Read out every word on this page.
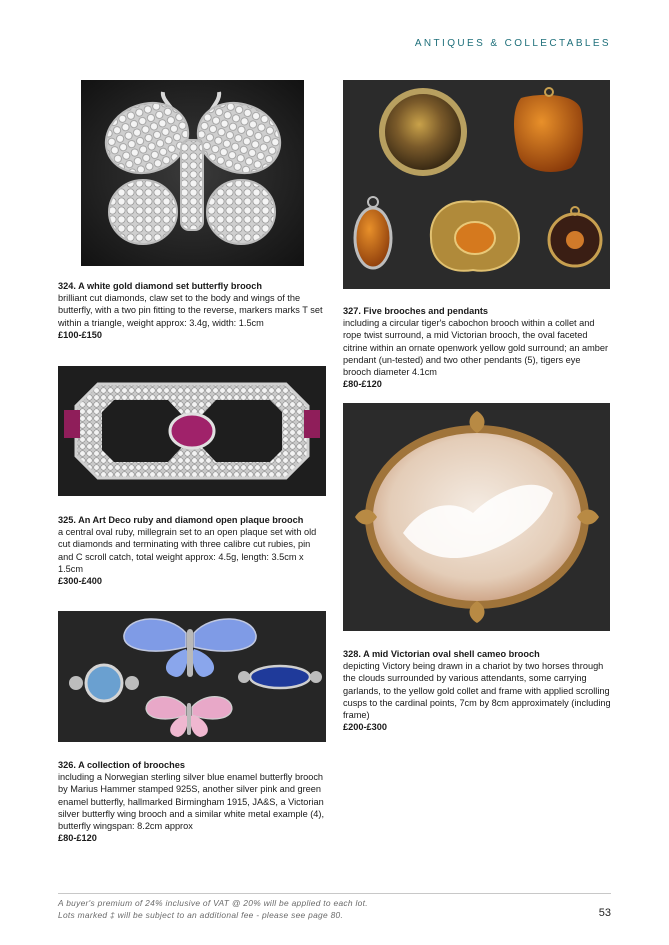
ANTIQUES & COLLECTABLES
324. A white gold diamond set butterfly brooch
brilliant cut diamonds, claw set to the body and wings of the butterfly, with a two pin fitting to the reverse, markers marks T set within a triangle, weight approx: 3.4g, width: 1.5cm
£100-£150
325. An Art Deco ruby and diamond open plaque brooch
a central oval ruby, millegrain set to an open plaque set with old cut diamonds and terminating with three calibre cut rubies, pin and C scroll catch, total weight approx: 4.5g, length: 3.5cm x 1.5cm
£300-£400
326. A collection of brooches
including a Norwegian sterling silver blue enamel butterfly brooch by Marius Hammer stamped 925S, another silver pink and green enamel butterfly, hallmarked Birmingham 1915, JA&S, a Victorian silver butterfly wing brooch and a similar white metal example (4), butterfly wingspan: 8.2cm approx
£80-£120
327. Five brooches and pendants
including a circular tiger's cabochon brooch within a collet and rope twist surround, a mid Victorian brooch, the oval faceted citrine within an ornate openwork yellow gold surround; an amber pendant (un-tested) and two other pendants (5), tigers eye brooch diameter 4.1cm
£80-£120
328. A mid Victorian oval shell cameo brooch
depicting Victory being drawn in a chariot by two horses through the clouds surrounded by various attendants, some carrying garlands, to the yellow gold collet and frame with applied scrolling cusps to the cardinal points, 7cm by 8cm approximately (including frame)
£200-£300
A buyer's premium of 24% inclusive of VAT @ 20% will be applied to each lot.
Lots marked ‡ will be subject to an additional fee - please see page 80.	53
